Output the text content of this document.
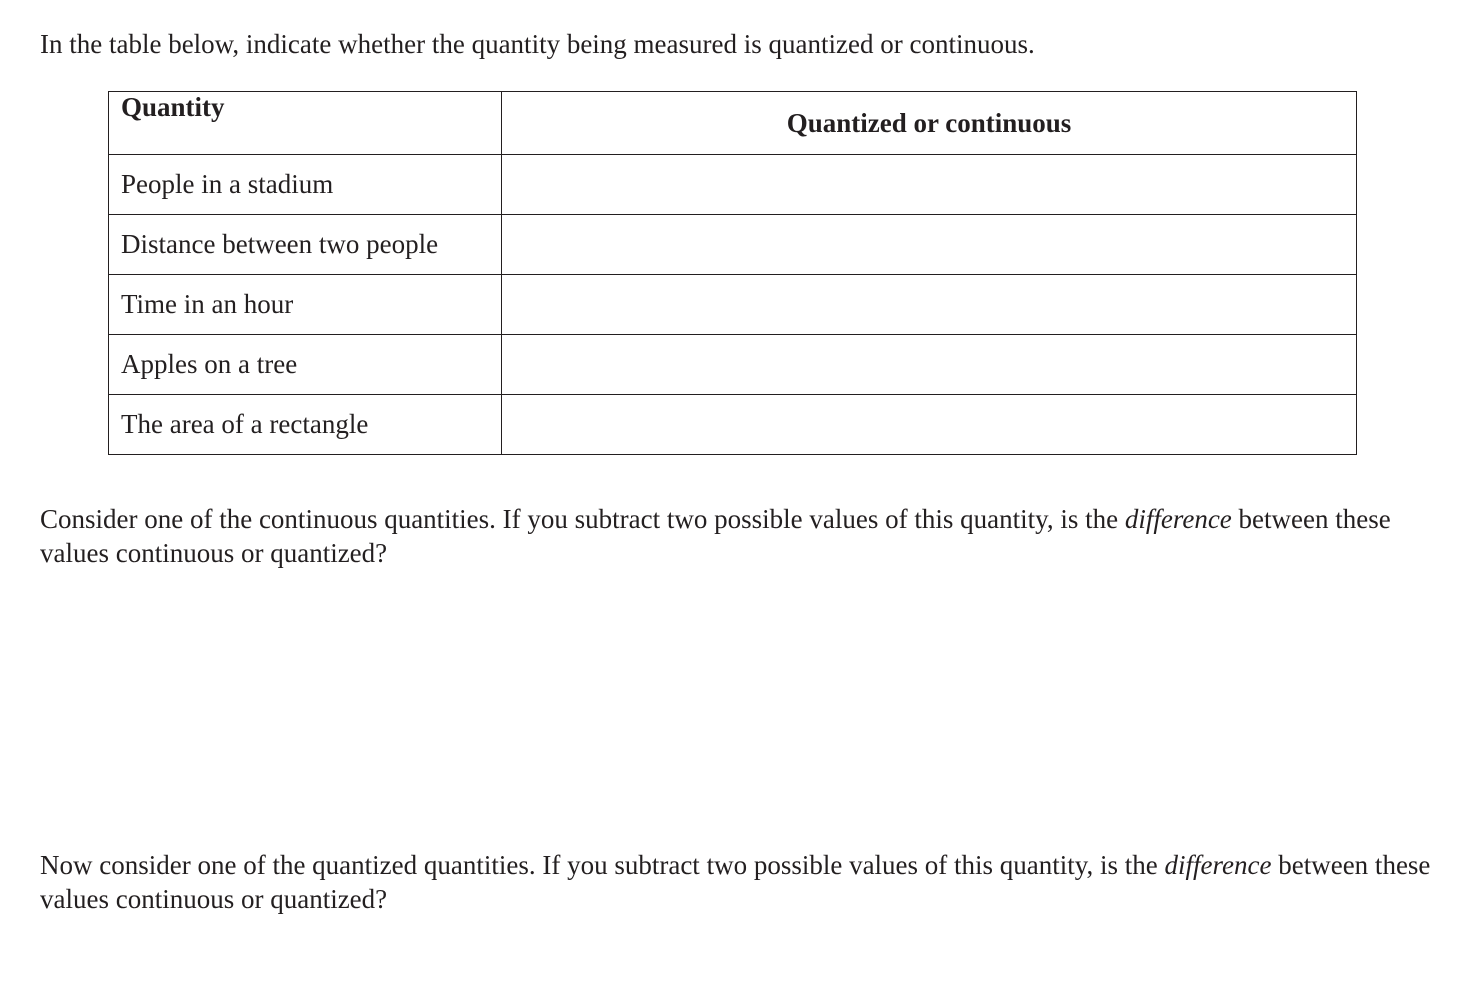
In the table below, indicate whether the quantity being measured is quantized or continuous.

Quantity	Quantized or continuous
People in a stadium	
Distance between two people	
Time in an hour	
Apples on a tree	
The area of a rectangle	

Consider one of the continuous quantities. If you subtract two possible values of this quantity, is the difference between these values continuous or quantized?

Now consider one of the quantized quantities. If you subtract two possible values of this quantity, is the difference between these values continuous or quantized?
